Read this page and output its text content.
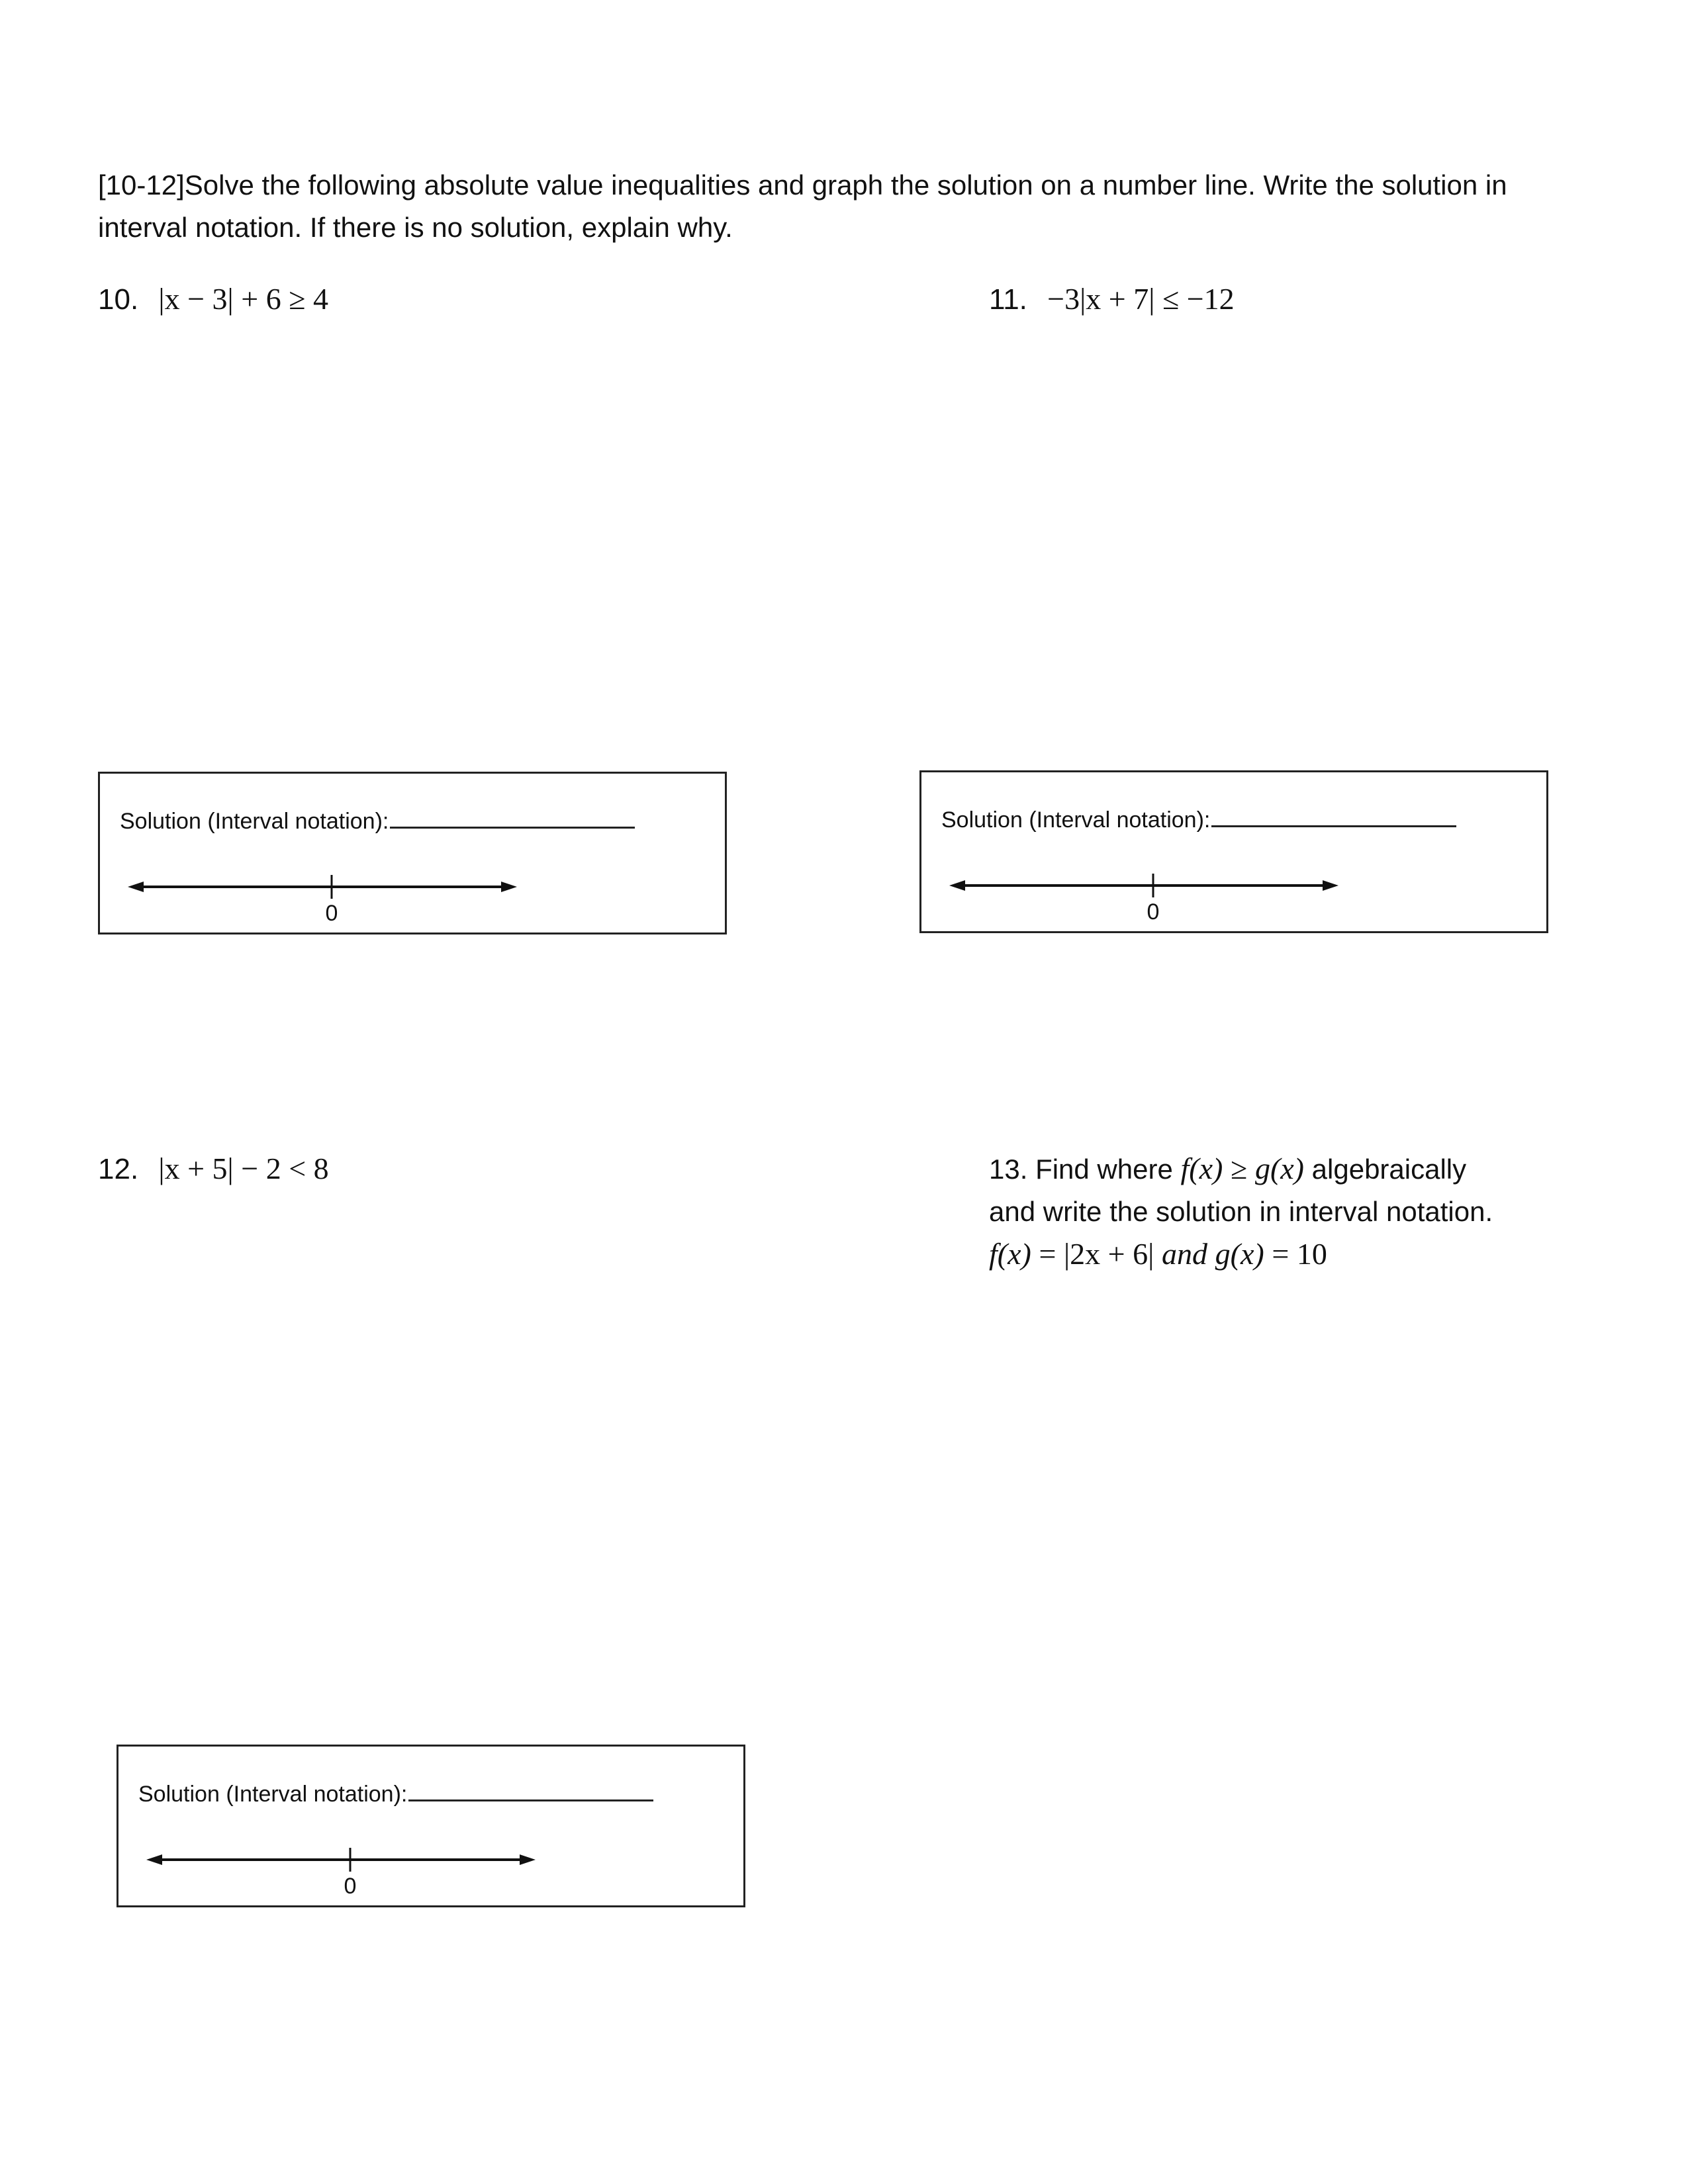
[10-12]Solve the following absolute value inequalities and graph the solution on a number line. Write the solution in interval notation. If there is no solution, explain why.
10. |x − 3| + 6 ≥ 4	11. −3|x + 7| ≤ −12
12. |x + 5| − 2 < 8	13. Find where f(x) ≥ g(x) algebraically
and write the solution in interval notation.
f(x) = |2x + 6| and g(x) = 10
Solution (Interval notation):
0
Solution (Interval notation):
0
Solution (Interval notation):
0
